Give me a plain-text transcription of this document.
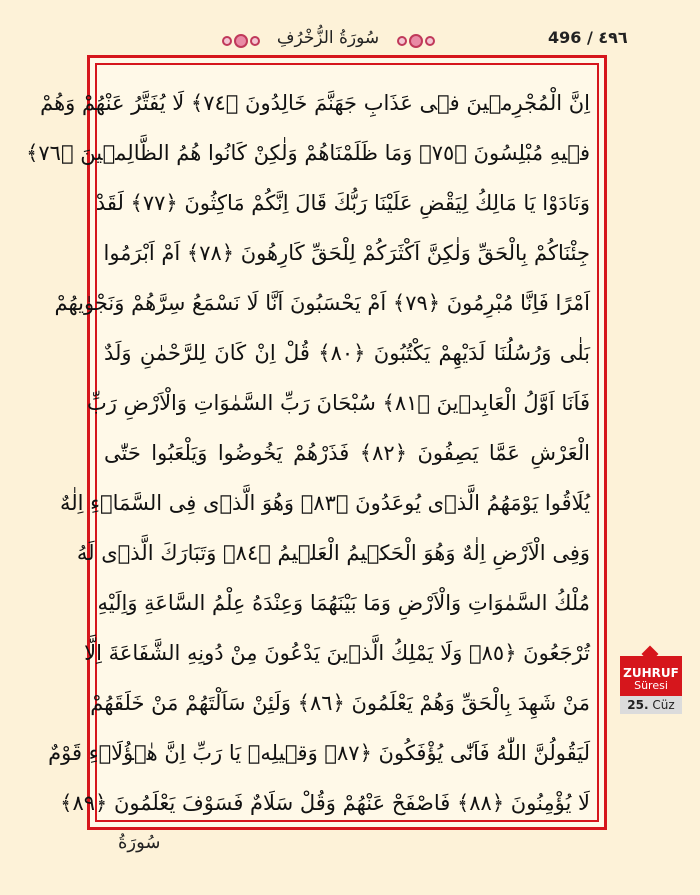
سُورَةُ الزُّخْرُفِ	496 / ٤٩٦
اِنَّ الْمُجْرِمٖينَ فٖى عَذَابِ جَهَنَّمَ خَالِدُونَ ﴿٧٤﴾ لَا يُفَتَّرُ عَنْهُمْ وَهُمْ
فٖيهِ مُبْلِسُونَ ﴿٧٥﴾ وَمَا ظَلَمْنَاهُمْ وَلٰكِنْ كَانُوا هُمُ الظَّالِمٖينَ ﴿٧٦﴾
وَنَادَوْا يَا مَالِكُ لِيَقْضِ عَلَيْنَا رَبُّكَ قَالَ اِنَّكُمْ مَاكِثُونَ ﴿٧٧﴾ لَقَدْ
جِئْنَاكُمْ بِالْحَقِّ وَلٰكِنَّ اَكْثَرَكُمْ لِلْحَقِّ كَارِهُونَ ﴿٧٨﴾ اَمْ اَبْرَمُوا
اَمْرًا فَاِنَّا مُبْرِمُونَ ﴿٧٩﴾ اَمْ يَحْسَبُونَ اَنَّا لَا نَسْمَعُ سِرَّهُمْ وَنَجْوٰيهُمْ
بَلٰى وَرُسُلُنَا لَدَيْهِمْ يَكْتُبُونَ ﴿٨٠﴾ قُلْ اِنْ كَانَ لِلرَّحْمٰنِ وَلَدٌ
فَاَنَا اَوَّلُ الْعَابِدٖينَ ﴿٨١﴾ سُبْحَانَ رَبِّ السَّمٰوَاتِ وَالْاَرْضِ رَبِّ
الْعَرْشِ عَمَّا يَصِفُونَ ﴿٨٢﴾ فَذَرْهُمْ يَخُوضُوا وَيَلْعَبُوا حَتّٰى
يُلَاقُوا يَوْمَهُمُ الَّذٖى يُوعَدُونَ ﴿٨٣﴾ وَهُوَ الَّذٖى فِى السَّمَاۤءِ اِلٰهٌ
وَفِى الْاَرْضِ اِلٰهٌ وَهُوَ الْحَكٖيمُ الْعَلٖيمُ ﴿٨٤﴾ وَتَبَارَكَ الَّذٖى لَهُ
مُلْكُ السَّمٰوَاتِ وَالْاَرْضِ وَمَا بَيْنَهُمَا وَعِنْدَهُ عِلْمُ السَّاعَةِ وَاِلَيْهِ
تُرْجَعُونَ ﴿٨٥﴾ وَلَا يَمْلِكُ الَّذٖينَ يَدْعُونَ مِنْ دُونِهِ الشَّفَاعَةَ اِلَّا
مَنْ شَهِدَ بِالْحَقِّ وَهُمْ يَعْلَمُونَ ﴿٨٦﴾ وَلَئِنْ سَاَلْتَهُمْ مَنْ خَلَقَهُمْ
لَيَقُولُنَّ اللّٰهُ فَاَنّٰى يُؤْفَكُونَ ﴿٨٧﴾ وَقٖيلِهٖ يَا رَبِّ اِنَّ هٰۤؤُلَاۤءِ قَوْمٌ
لَا يُؤْمِنُونَ ﴿٨٨﴾ فَاصْفَحْ عَنْهُمْ وَقُلْ سَلَامٌ فَسَوْفَ يَعْلَمُونَ ﴿٨٩﴾
سُورَةُ
ZUHRUF
Süresi
25. Cüz
